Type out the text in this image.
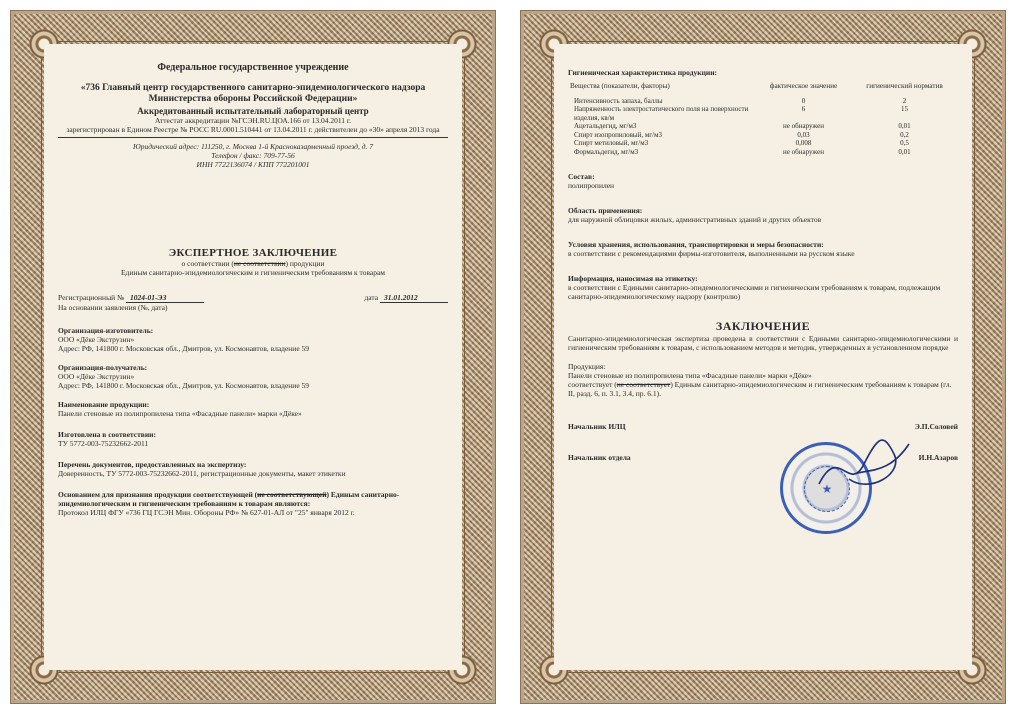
Федеральное государственное учреждение
«736 Главный центр государственного санитарно-эпидемиологического надзора Министерства обороны Российской Федерации»
Аккредитованный испытательный лабораторный центр
Аттестат аккредитации №ГСЭН.RU.ЦОА.166 от 13.04.2011 г.
зарегистрирован в Едином Реестре № РОСС RU.0001.510441 от 13.04.2011 г. действителен до «30» апреля 2013 года
Юридический адрес: 111250, г. Москва 1-й Красноказарменный проезд, д. 7
Телефон / факс: 709-77-56
ИНН 7722136074 / КПП 772201001
ЭКСПЕРТНОЕ ЗАКЛЮЧЕНИЕ
о соответствии (не соответствии) продукции
Единым санитарно-эпидемиологическим и гигиеническим требованиям к товарам
Регистрационный № 1024-01-ЭЗ	дата 31.01.2012
На основании заявления (№, дата)
Организация-изготовитель:
ООО «Дёке Экструзин»
Адрес: РФ, 141800 г. Московская обл., Дмитров, ул. Космонавтов, владение 59
Организация-получатель:
ООО «Дёке Экструзин»
Адрес: РФ, 141800 г. Московская обл., Дмитров, ул. Космонавтов, владение 59
Наименование продукции:
Панели стеновые из полипропилена типа «Фасадные панели» марки «Дёке»
Изготовлена в соответствии:
ТУ 5772-003-75232662-2011
Перечень документов, предоставленных на экспертизу:
Доверенность, ТУ 5772-003-75232662-2011, регистрационные документы, макет этикетки
Основанием для признания продукции соответствующей (не соответствующей) Единым санитарно-эпидемиологическим и гигиеническим требованиям к товарам являются:
Протокол ИЛЦ ФГУ «736 ГЦ ГСЭН Мин. Обороны РФ» № 627-01-АЛ от "25" января 2012 г.
Гигиеническая характеристика продукции:
Вещества (показатели, факторы)	фактическое значение	гигиенический норматив
Интенсивность запаха, баллы	0	2
Напряженность электростатического поля на поверхности изделия, кв/м	6	15
Ацетальдегид, мг/м3	не обнаружен	0,01
Спирт изопропиловый, мг/м3	0,03	0,2
Спирт метиловый, мг/м3	0,008	0,5
Формальдегид, мг/м3	не обнаружен	0,01
Состав:
полипропилен
Область применения:
для наружной облицовки жилых, административных зданий и других объектов
Условия хранения, использования, транспортировки и меры безопасности:
в соответствии с рекомендациями фирмы-изготовителя, выполненными на русском языке
Информация, наносимая на этикетку:
в соответствии с Едиными санитарно-эпидемиологическими и гигиеническим требованиям к товарам, подлежащим санитарно-эпидемиологическому надзору (контролю)
ЗАКЛЮЧЕНИЕ
Санитарно-эпидемиологическая экспертиза проведена в соответствии с Едиными санитарно-эпидемиологическими и гигиеническим требованиям к товарам, с использованием методов и методик, утвержденных в установленном порядке
Продукция:
Панели стеновые из полипропилена типа «Фасадные панели» марки «Дёке»
соответствует (не соответствует) Единым санитарно-эпидемиологическим и гигиеническим требованиям к товарам (гл. II, разд. 6, п. 3.1, 3.4, пр. 6.1).
Начальник ИЛЦ	Э.П.Соловей
Начальник отдела	И.Н.Азаров
★
